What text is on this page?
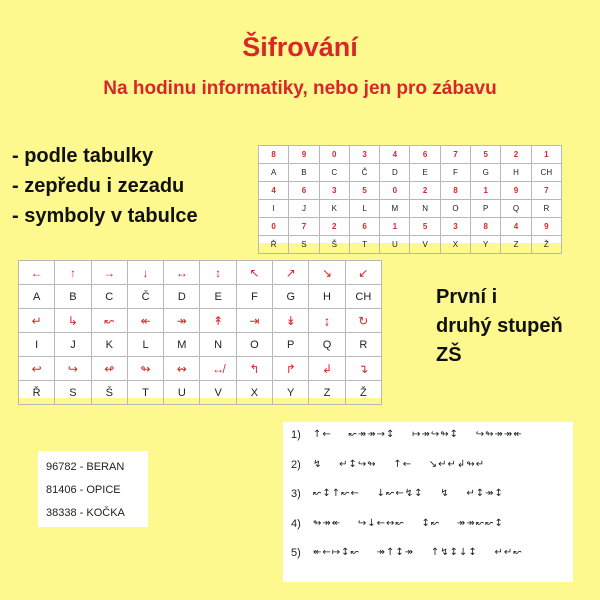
Šifrování
Na hodinu informatiky, nebo jen pro zábavu
- podle tabulky
- zepředu i zezadu
- symboly v tabulce
8	9	0	3	4	6	7	5	2	1
A	B	C	Č	D	E	F	G	H	CH
4	6	3	5	0	2	8	1	9	7
I	J	K	L	M	N	O	P	Q	R
0	7	2	6	1	5	3	8	4	9
Ř	S	Š	T	U	V	X	Y	Z	Ž
←	↑	→	↓	↔	↕	↖	↗	↘	↙
A	B	C	Č	D	E	F	G	H	CH
↵	↳	↜	↞	↠	↟	⇥	↡	↨	↻
I	J	K	L	M	N	O	P	Q	R
↩	↪	↫	↬	↭	↮	↰	↱	↲	↴
Ř	S	Š	T	U	V	X	Y	Z	Ž
První i
druhý stupeň
ZŠ
96782 - BERAN
81406 - OPICE
38338 - KOČKA
1)	↑←    ↜↠↠→↕    ↦↠↪↬↕    ↪↬↠↠↞
2)	↯    ↵↕↪↬    ↑←    ↘↵↵↲↬↵
3)	↜↕↑↜←    ↓↜←↯↕    ↯    ↵↕↠↕
4)	↬↠↞    ↪↓←↔↜    ↕↜    ↠↠↜↜↕
5)	↞←↦↕↜    ↠↑↕↠    ↑↯↕↓↕    ↵↵↜
